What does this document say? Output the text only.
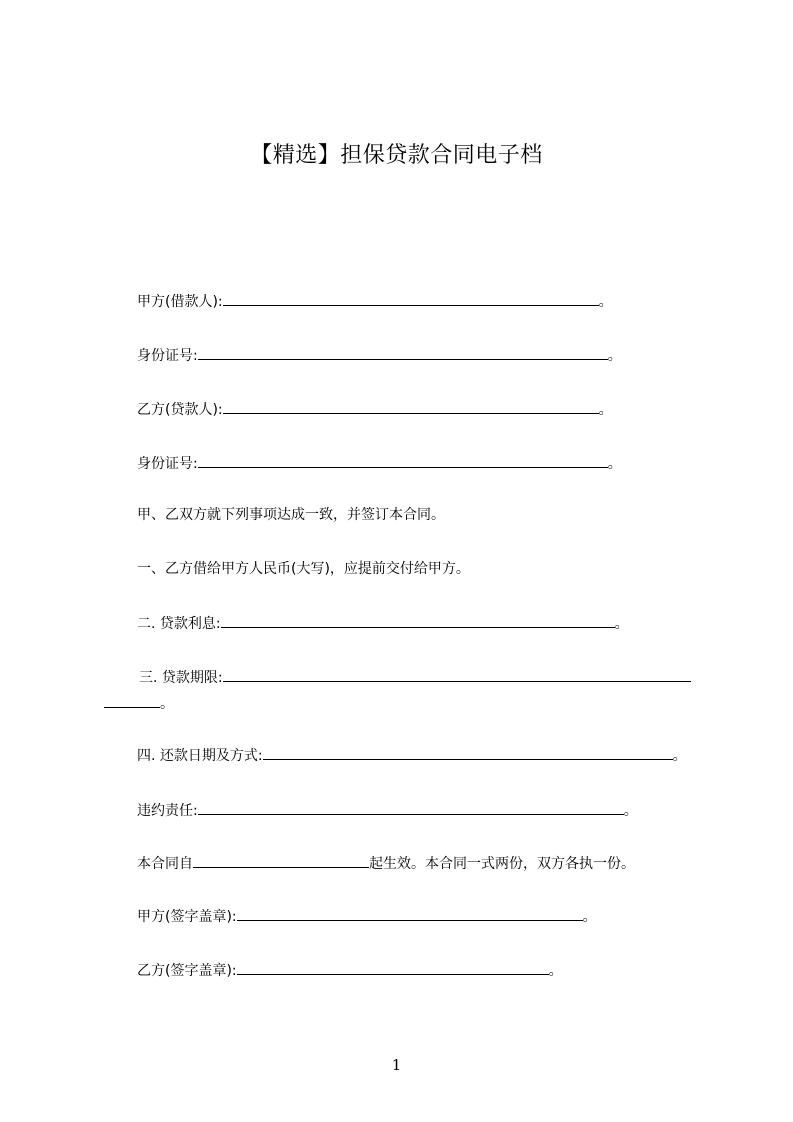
【精选】担保贷款合同电子档
甲方(借款人):	。
身份证号:	。
乙方(贷款人):	。
身份证号:	。
甲、乙双方就下列事项达成一致，并签订本合同。
一、乙方借给甲方人民币(大写)，应提前交付给甲方。
二. 贷款利息:	。
三. 贷款期限:
。
四. 还款日期及方式:	。
违约责任:	。
本合同自	起生效。本合同一式两份，双方各执一份。
甲方(签字盖章):	。
乙方(签字盖章):	。
1
